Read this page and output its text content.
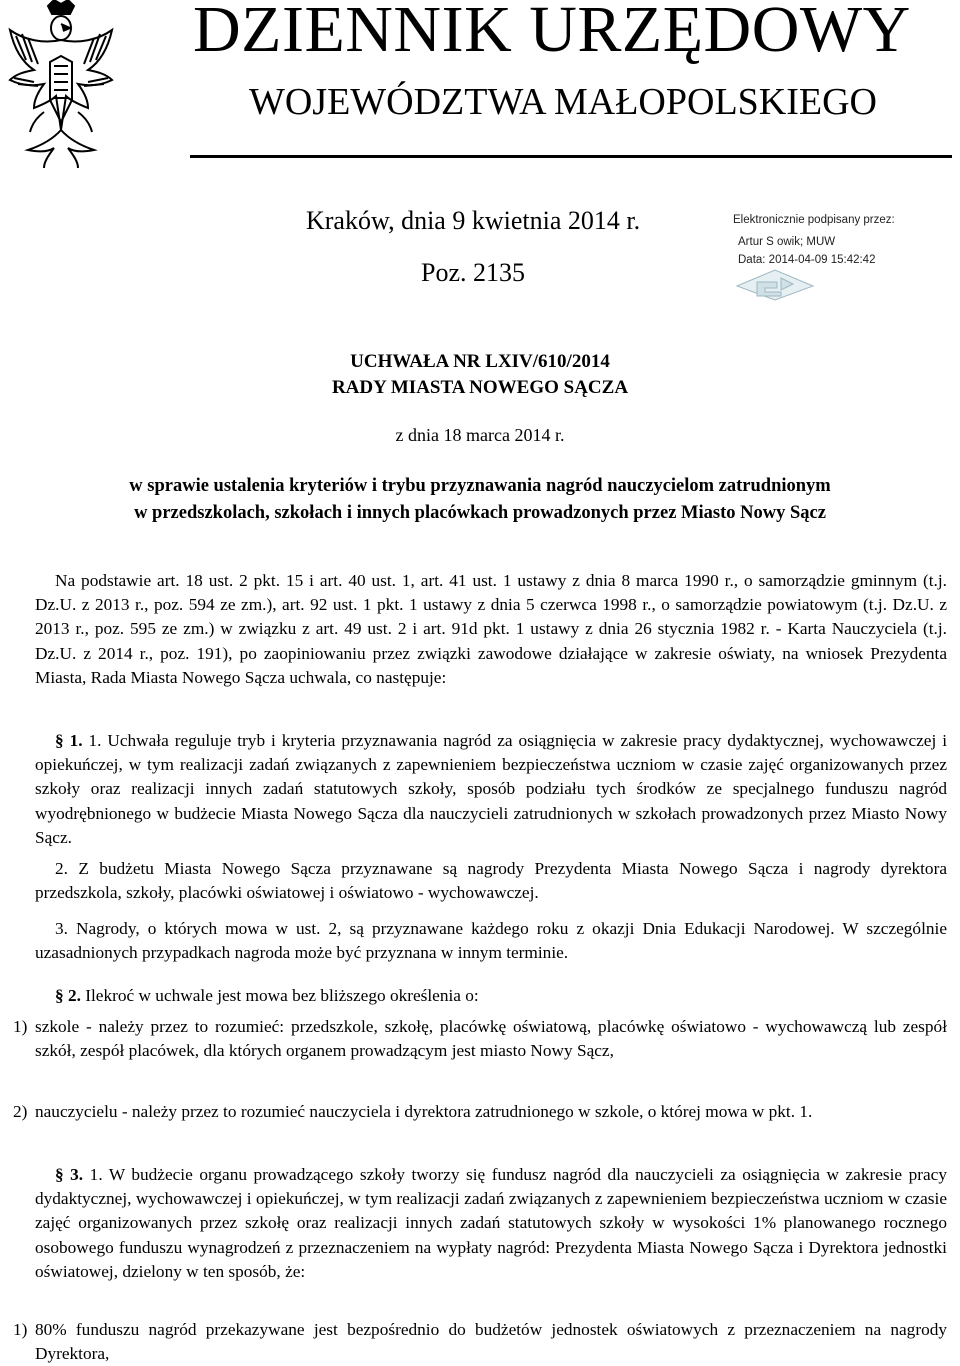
DZIENNIK URZĘDOWY
WOJEWÓDZTWA MAŁOPOLSKIEGO
Kraków, dnia 9 kwietnia 2014 r.
Poz. 2135
Elektronicznie podpisany przez:
Artur S owik; MUW
Data: 2014-04-09 15:42:42
UCHWAŁA NR LXIV/610/2014
RADY MIASTA NOWEGO SĄCZA
z dnia 18 marca 2014 r.
w sprawie ustalenia kryteriów i trybu przyznawania nagród nauczycielom zatrudnionym
w przedszkolach, szkołach i innych placówkach prowadzonych przez Miasto Nowy Sącz

Na podstawie art. 18 ust. 2 pkt. 15 i art. 40 ust. 1, art. 41 ust. 1 ustawy z dnia 8 marca 1990 r., o samorządzie gminnym (t.j. Dz.U. z 2013 r., poz. 594 ze zm.), art. 92 ust. 1 pkt. 1 ustawy z dnia 5 czerwca 1998 r., o samorządzie powiatowym (t.j. Dz.U. z 2013 r., poz. 595 ze zm.) w związku z art. 49 ust. 2 i art. 91d pkt. 1 ustawy z dnia 26 stycznia 1982 r. - Karta Nauczyciela (t.j. Dz.U. z 2014 r., poz. 191), po zaopiniowaniu przez związki zawodowe działające w zakresie oświaty, na wniosek Prezydenta Miasta, Rada Miasta Nowego Sącza uchwala, co następuje:

§ 1. 1. Uchwała reguluje tryb i kryteria przyznawania nagród za osiągnięcia w zakresie pracy dydaktycznej, wychowawczej i opiekuńczej, w tym realizacji zadań związanych z zapewnieniem bezpieczeństwa uczniom w czasie zajęć organizowanych przez szkoły oraz realizacji innych zadań statutowych szkoły, sposób podziału tych środków ze specjalnego funduszu nagród wyodrębnionego w budżecie Miasta Nowego Sącza dla nauczycieli zatrudnionych w szkołach prowadzonych przez Miasto Nowy Sącz.

2. Z budżetu Miasta Nowego Sącza przyznawane są nagrody Prezydenta Miasta Nowego Sącza i nagrody dyrektora przedszkola, szkoły, placówki oświatowej i oświatowo - wychowawczej.

3. Nagrody, o których mowa w ust. 2, są przyznawane każdego roku z okazji Dnia Edukacji Narodowej. W szczególnie uzasadnionych przypadkach nagroda może być przyznana w innym terminie.

§ 2. Ilekroć w uchwale jest mowa bez bliższego określenia o:

1) szkole - należy przez to rozumieć: przedszkole, szkołę, placówkę oświatową, placówkę oświatowo - wychowawczą lub zespół szkół, zespół placówek, dla których organem prowadzącym jest miasto Nowy Sącz,
2) nauczycielu - należy przez to rozumieć nauczyciela i dyrektora zatrudnionego w szkole, o której mowa w pkt. 1.

§ 3. 1. W budżecie organu prowadzącego szkoły tworzy się fundusz nagród dla nauczycieli za osiągnięcia w zakresie pracy dydaktycznej, wychowawczej i opiekuńczej, w tym realizacji zadań związanych z zapewnieniem bezpieczeństwa uczniom w czasie zajęć organizowanych przez szkołę oraz realizacji innych zadań statutowych szkoły w wysokości 1% planowanego rocznego osobowego funduszu wynagrodzeń z przeznaczeniem na wypłaty nagród: Prezydenta Miasta Nowego Sącza i Dyrektora jednostki oświatowej, dzielony w ten sposób, że:

1) 80% funduszu nagród przekazywane jest bezpośrednio do budżetów jednostek oświatowych z przeznaczeniem na nagrody Dyrektora,
